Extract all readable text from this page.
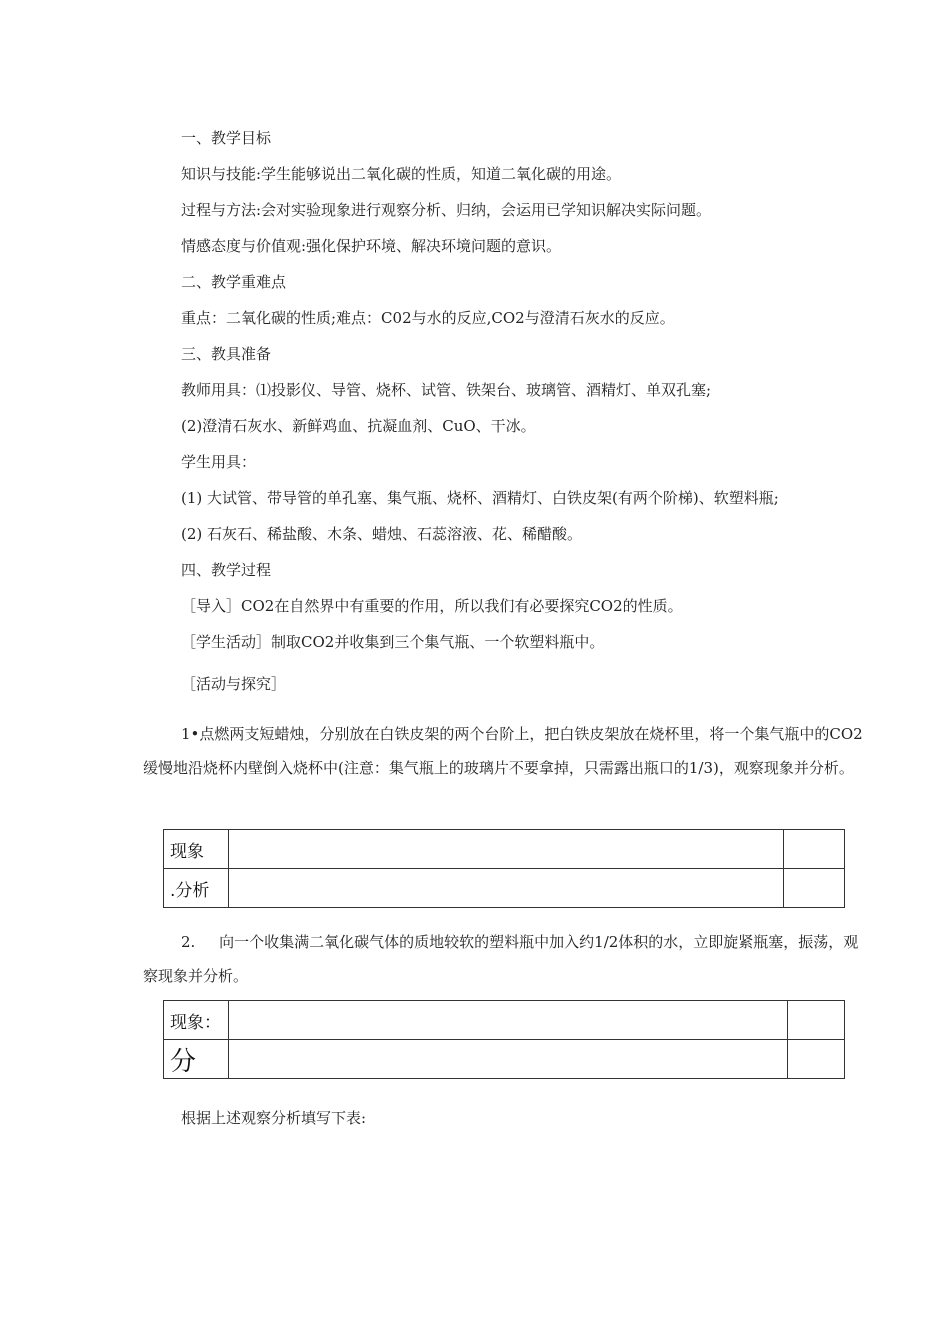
一、教学目标
知识与技能:学生能够说出二氧化碳的性质，知道二氧化碳的用途。
过程与方法:会对实验现象进行观察分析、归纳，会运用已学知识解决实际问题。
情感态度与价值观:强化保护环境、解决环境问题的意识。
二、教学重难点
重点：二氧化碳的性质;难点：C02与水的反应,CO2与澄清石灰水的反应。
三、教具准备
教师用具：⑴投影仪、导管、烧杯、试管、铁架台、玻璃管、酒精灯、单双孔塞;
(2)澄清石灰水、新鲜鸡血、抗凝血剂、CuO、干冰。
学生用具：
(1) 大试管、带导管的单孔塞、集气瓶、烧杯、酒精灯、白铁皮架(有两个阶梯)、软塑料瓶;
(2) 石灰石、稀盐酸、木条、蜡烛、石蕊溶液、花、稀醋酸。
四、教学过程
［导入］CO2在自然界中有重要的作用，所以我们有必要探究CO2的性质。
［学生活动］制取CO2并收集到三个集气瓶、一个软塑料瓶中。
［活动与探究］
1•点燃两支短蜡烛，分别放在白铁皮架的两个台阶上，把白铁皮架放在烧杯里，将一个集气瓶中的CO2缓慢地沿烧杯内壁倒入烧杯中(注意：集气瓶上的玻璃片不要拿掉，只需露出瓶口的1/3)，观察现象并分析。
现象		
.分析		
2.     向一个收集满二氧化碳气体的质地较软的塑料瓶中加入约1/2体积的水，立即旋紧瓶塞，振荡，观察现象并分析。
现象：		
分		
根据上述观察分析填写下表:
